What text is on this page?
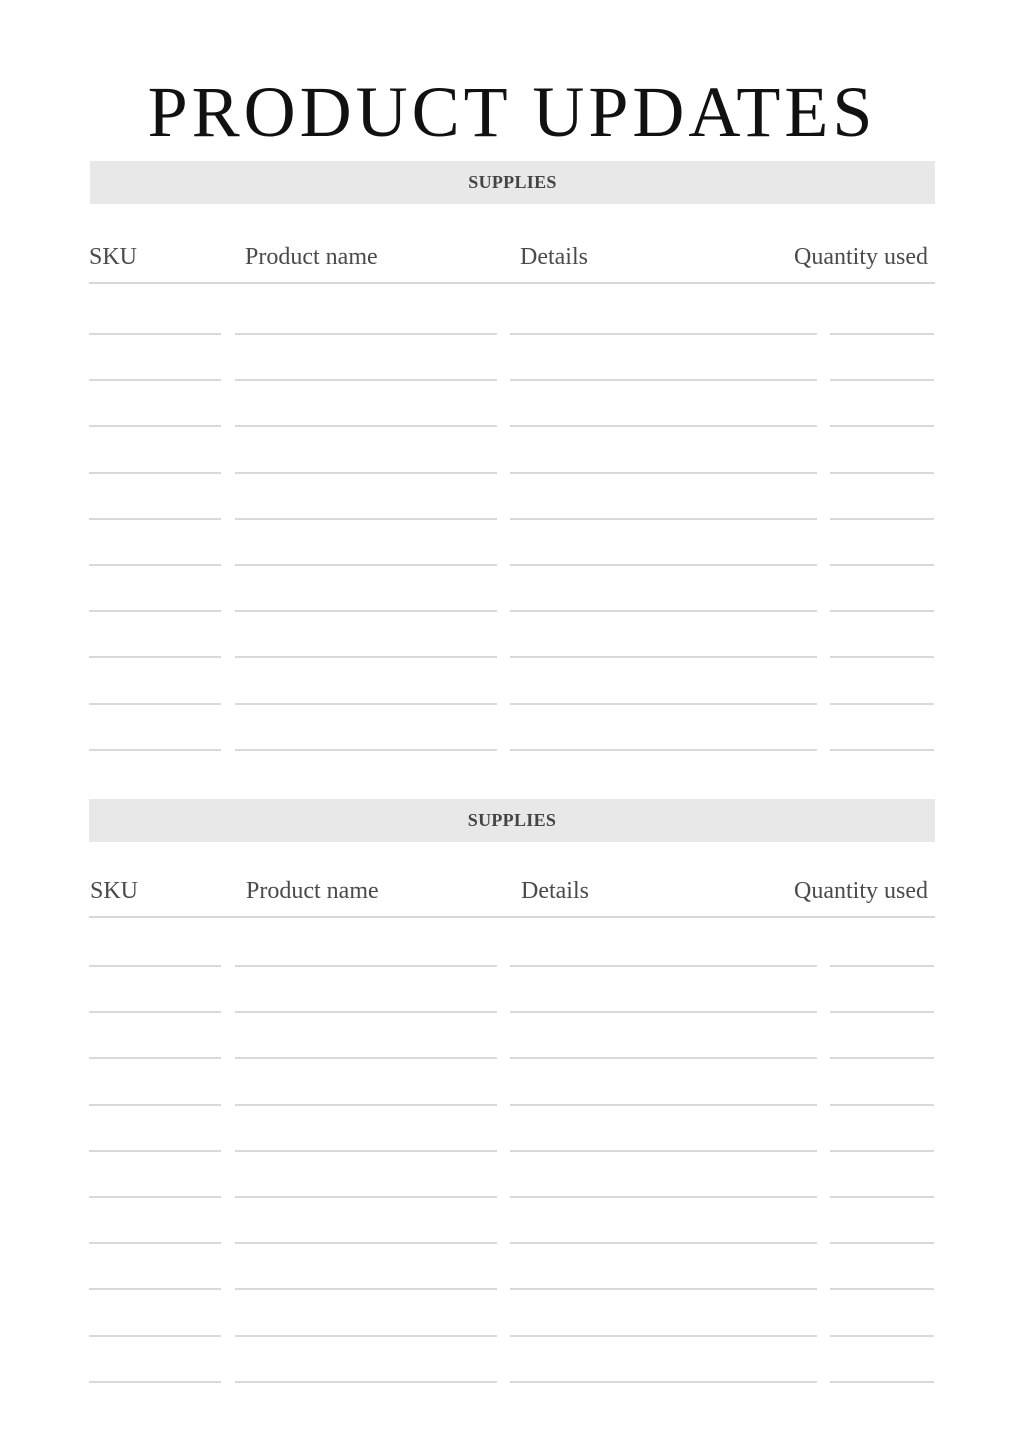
PRODUCT UPDATES
SUPPLIES
SKU	Product name	Details	Quantity used
SUPPLIES
SKU	Product name	Details	Quantity used
